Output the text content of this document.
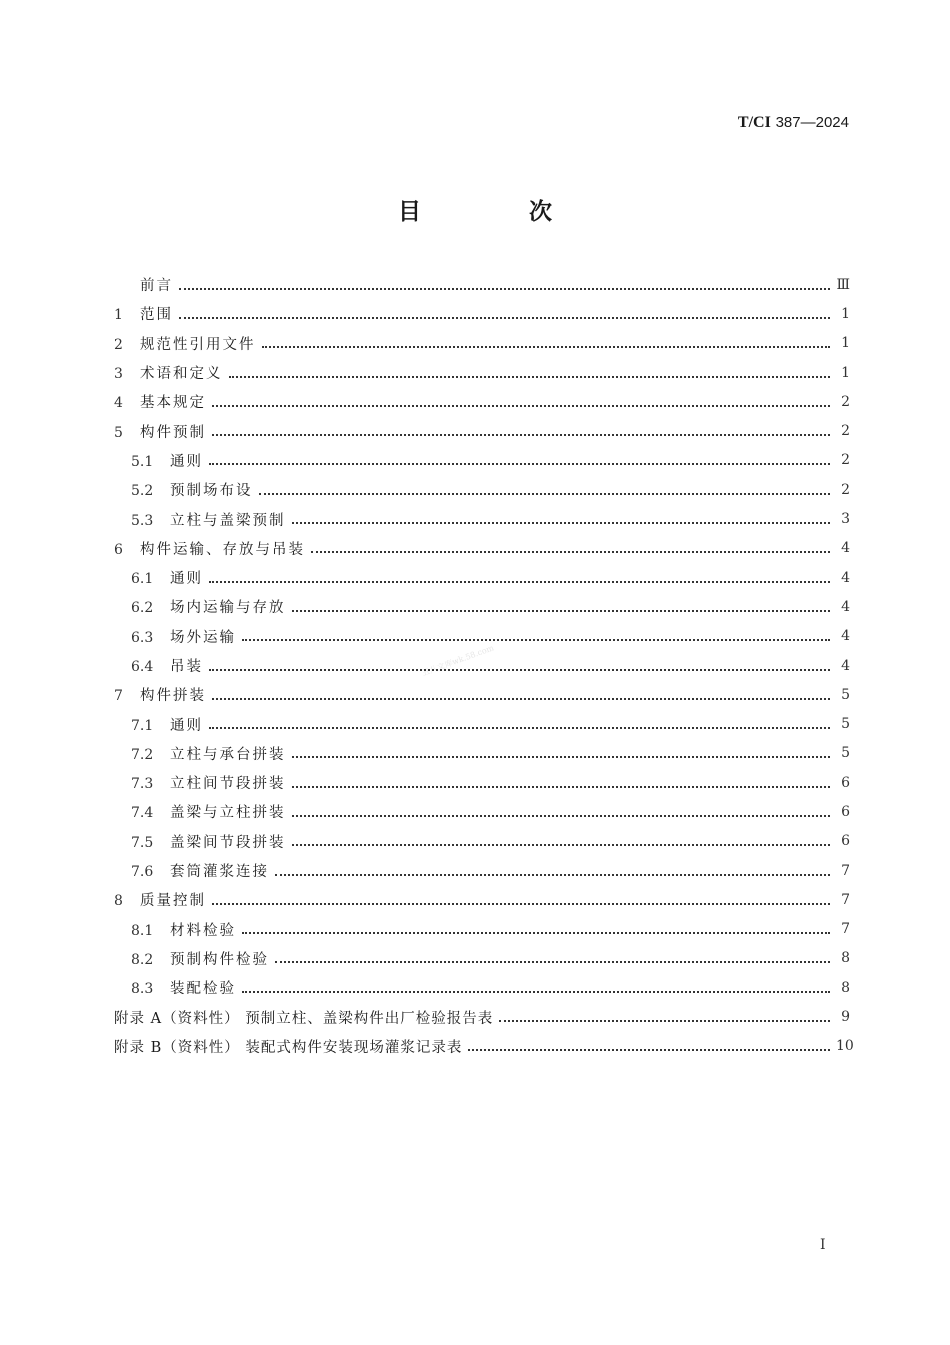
T/CI 387—2024
目 次
五八文库wk.58.com
前言	Ⅲ
1 范围	1
2 规范性引用文件	1
3 术语和定义	1
4 基本规定	2
5 构件预制	2
5.1 通则	2
5.2 预制场布设	2
5.3 立柱与盖梁预制	3
6 构件运输、存放与吊装	4
6.1 通则	4
6.2 场内运输与存放	4
6.3 场外运输	4
6.4 吊装	4
7 构件拼装	5
7.1 通则	5
7.2 立柱与承台拼装	5
7.3 立柱间节段拼装	6
7.4 盖梁与立柱拼装	6
7.5 盖梁间节段拼装	6
7.6 套筒灌浆连接	7
8 质量控制	7
8.1 材料检验	7
8.2 预制构件检验	8
8.3 装配检验	8
附录 A（资料性） 预制立柱、盖梁构件出厂检验报告表	9
附录 B（资料性） 装配式构件安装现场灌浆记录表	10
I
